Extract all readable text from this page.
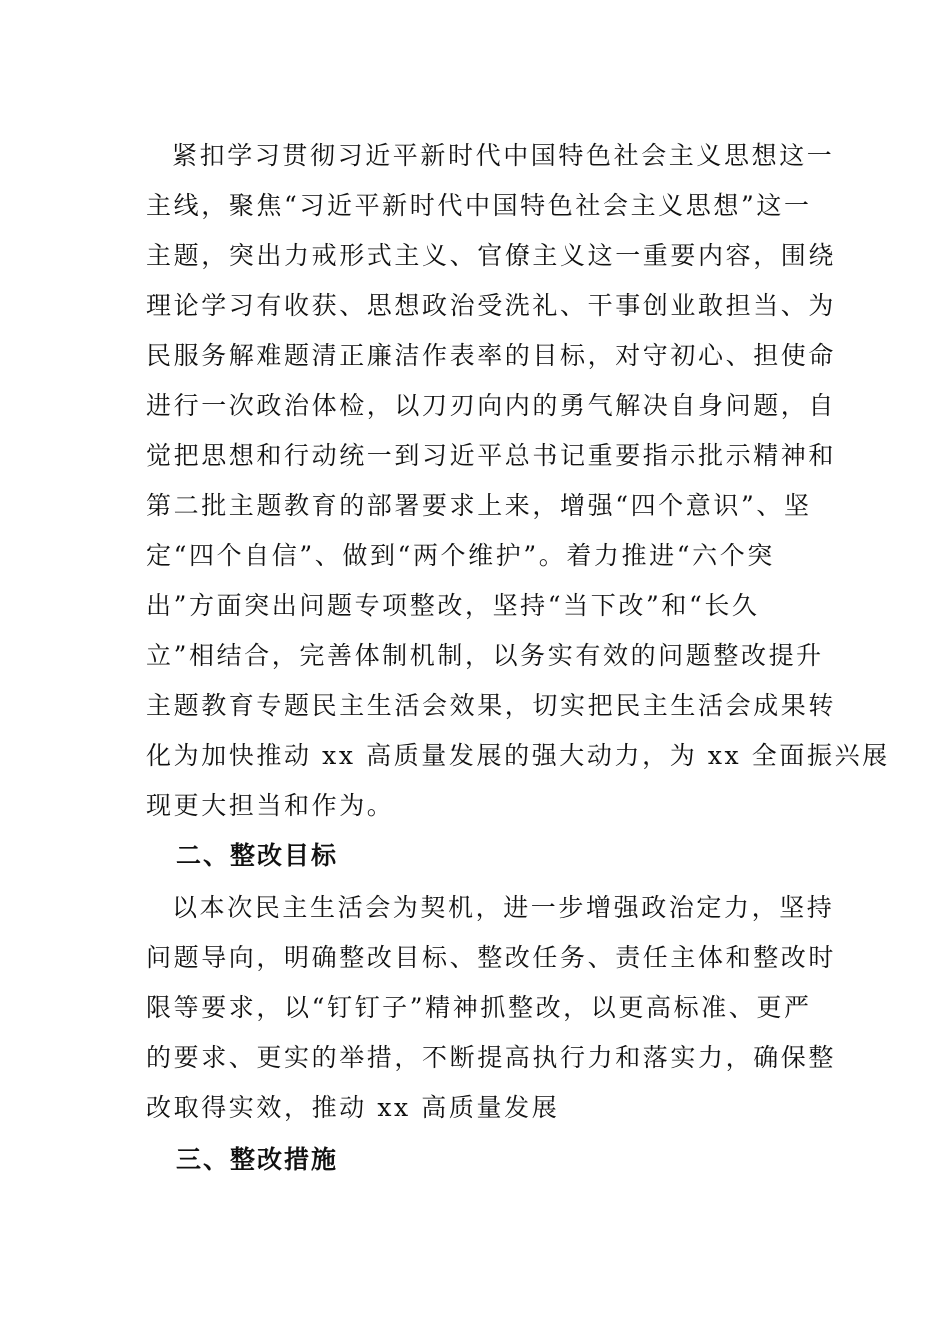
紧扣学习贯彻习近平新时代中国特色社会主义思想这一
主线，聚焦“习近平新时代中国特色社会主义思想”这一
主题，突出力戒形式主义、官僚主义这一重要内容，围绕
理论学习有收获、思想政治受洗礼、干事创业敢担当、为
民服务解难题清正廉洁作表率的目标，对守初心、担使命
进行一次政治体检，以刀刃向内的勇气解决自身问题，自
觉把思想和行动统一到习近平总书记重要指示批示精神和
第二批主题教育的部署要求上来，增强“四个意识”、坚
定“四个自信”、做到“两个维护”。着力推进“六个突
出”方面突出问题专项整改，坚持“当下改”和“长久
立”相结合，完善体制机制，以务实有效的问题整改提升
主题教育专题民主生活会效果，切实把民主生活会成果转
化为加快推动 xx 高质量发展的强大动力，为 xx 全面振兴展
现更大担当和作为。
二、整改目标
以本次民主生活会为契机，进一步增强政治定力，坚持
问题导向，明确整改目标、整改任务、责任主体和整改时
限等要求，以“钉钉子”精神抓整改，以更高标准、更严
的要求、更实的举措，不断提高执行力和落实力，确保整
改取得实效，推动 xx 高质量发展
三、整改措施
